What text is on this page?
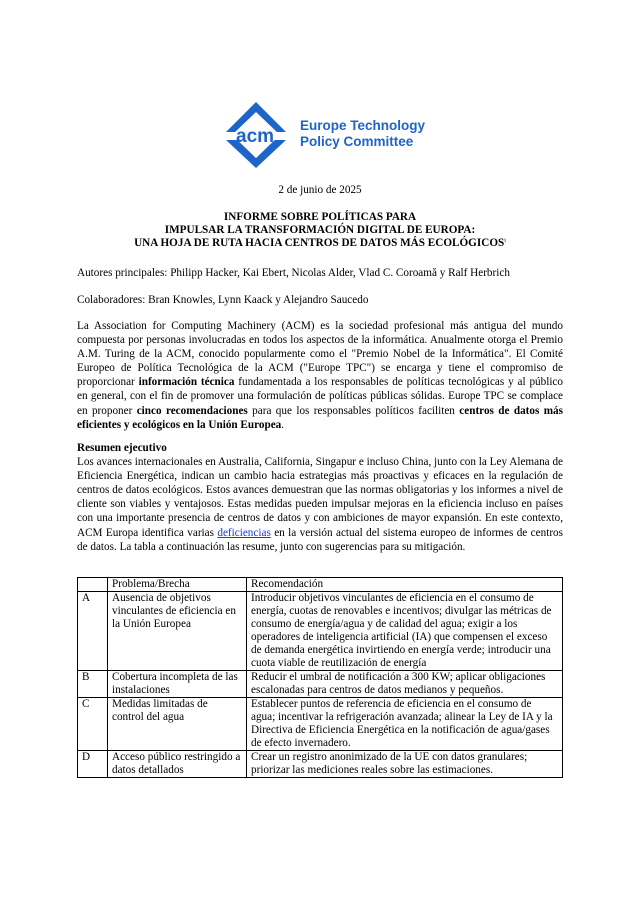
acm
Europe Technology
Policy Committee
2 de junio de 2025
INFORME SOBRE POLÍTICAS PARA
IMPULSAR LA TRANSFORMACIÓN DIGITAL DE EUROPA:
UNA HOJA DE RUTA HACIA CENTROS DE DATOS MÁS ECOLÓGICOS$^i$
Autores principales: Philipp Hacker, Kai Ebert, Nicolas Alder, Vlad C. Coroamă y Ralf Herbrich
Colaboradores: Bran Knowles, Lynn Kaack y Alejandro Saucedo

La Association for Computing Machinery (ACM) es la sociedad profesional más antigua del mundo compuesta por personas involucradas en todos los aspectos de la informática. Anualmente otorga el Premio A.M. Turing de la ACM, conocido popularmente como el "Premio Nobel de la Informática". El Comité Europeo de Política Tecnológica de la ACM ("Europe TPC") se encarga y tiene el compromiso de proporcionar información técnica fundamentada a los responsables de políticas tecnológicas y al público en general, con el fin de promover una formulación de políticas públicas sólidas. Europe TPC se complace en proponer cinco recomendaciones para que los responsables políticos faciliten centros de datos más eficientes y ecológicos en la Unión Europea.

Resumen ejecutivo

Los avances internacionales en Australia, California, Singapur e incluso China, junto con la Ley Alemana de Eficiencia Energética, indican un cambio hacia estrategias más proactivas y eficaces en la regulación de centros de datos ecológicos. Estos avances demuestran que las normas obligatorias y los informes a nivel de cliente son viables y ventajosos. Estas medidas pueden impulsar mejoras en la eficiencia incluso en países con una importante presencia de centros de datos y con ambiciones de mayor expansión. En este contexto, ACM Europa identifica varias deficiencias en la versión actual del sistema europeo de informes de centros de datos. La tabla a continuación las resume, junto con sugerencias para su mitigación.

	Problema/Brecha	Recomendación
A	Ausencia de objetivos vinculantes de eficiencia en la Unión Europea	Introducir objetivos vinculantes de eficiencia en el consumo de energía, cuotas de renovables e incentivos; divulgar las métricas de consumo de energía/agua y de calidad del agua; exigir a los operadores de inteligencia artificial (IA) que compensen el exceso de demanda energética invirtiendo en energía verde; introducir una cuota viable de reutilización de energía
B	Cobertura incompleta de las instalaciones	Reducir el umbral de notificación a 300 KW; aplicar obligaciones escalonadas para centros de datos medianos y pequeños.
C	Medidas limitadas de control del agua	Establecer puntos de referencia de eficiencia en el consumo de agua; incentivar la refrigeración avanzada; alinear la Ley de IA y la Directiva de Eficiencia Energética en la notificación de agua/gases de efecto invernadero.
D	Acceso público restringido a datos detallados	Crear un registro anonimizado de la UE con datos granulares; priorizar las mediciones reales sobre las estimaciones.
